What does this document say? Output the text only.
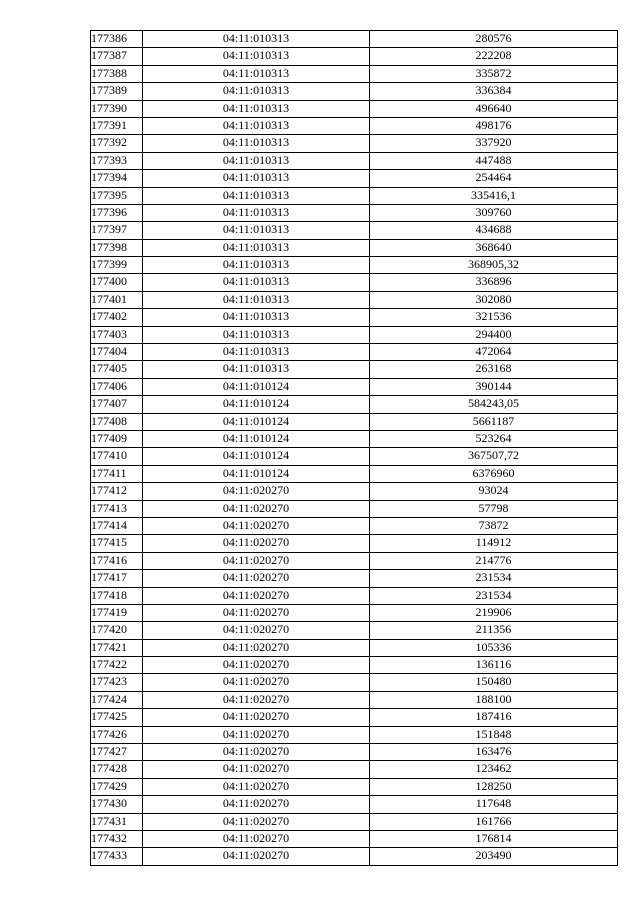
177386	04:11:010313	280576
177387	04:11:010313	222208
177388	04:11:010313	335872
177389	04:11:010313	336384
177390	04:11:010313	496640
177391	04:11:010313	498176
177392	04:11:010313	337920
177393	04:11:010313	447488
177394	04:11:010313	254464
177395	04:11:010313	335416,1
177396	04:11:010313	309760
177397	04:11:010313	434688
177398	04:11:010313	368640
177399	04:11:010313	368905,32
177400	04:11:010313	336896
177401	04:11:010313	302080
177402	04:11:010313	321536
177403	04:11:010313	294400
177404	04:11:010313	472064
177405	04:11:010313	263168
177406	04:11:010124	390144
177407	04:11:010124	584243,05
177408	04:11:010124	5661187
177409	04:11:010124	523264
177410	04:11:010124	367507,72
177411	04:11:010124	6376960
177412	04:11:020270	93024
177413	04:11:020270	57798
177414	04:11:020270	73872
177415	04:11:020270	114912
177416	04:11:020270	214776
177417	04:11:020270	231534
177418	04:11:020270	231534
177419	04:11:020270	219906
177420	04:11:020270	211356
177421	04:11:020270	105336
177422	04:11:020270	136116
177423	04:11:020270	150480
177424	04:11:020270	188100
177425	04:11:020270	187416
177426	04:11:020270	151848
177427	04:11:020270	163476
177428	04:11:020270	123462
177429	04:11:020270	128250
177430	04:11:020270	117648
177431	04:11:020270	161766
177432	04:11:020270	176814
177433	04:11:020270	203490
